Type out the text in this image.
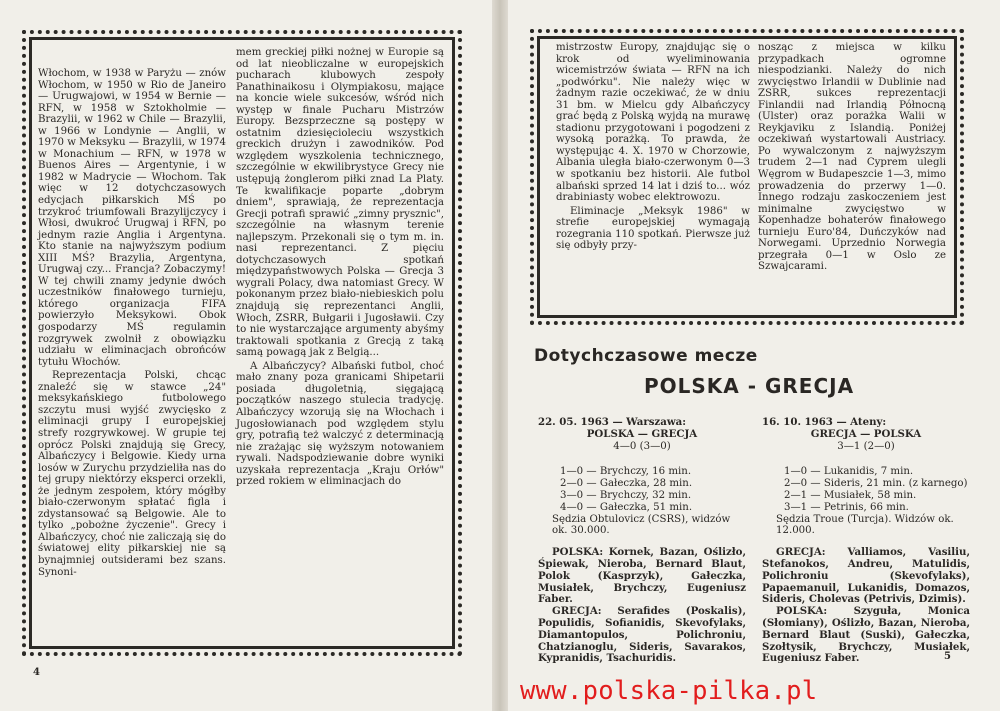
Włochom, w 1938 w Paryżu — znów Włochom, w 1950 w Rio de Janeiro — Urugwajowi, w 1954 w Bernie — RFN, w 1958 w Sztokholmie — Brazylii, w 1962 w Chile — Brazylii, w 1966 w Londynie — Anglii, w 1970 w Meksyku — Brazylii, w 1974 w Monachium — RFN, w 1978 w Buenos Aires — Argentynie, i w 1982 w Madrycie — Włochom. Tak więc w 12 dotychczasowych edycjach piłkarskich MŚ po trzykroć triumfowali Brazylijczycy i Włosi, dwukroć Urugwaj i RFN, po jednym razie Anglia i Argentyna. Kto stanie na najwyższym podium XIII MŚ? Brazylia, Argentyna, Urugwaj czy... Francja? Zobaczymy! W tej chwili znamy jedynie dwóch uczestników finałowego turnieju, którego organizacja FIFA powierzyło Meksykowi. Obok gospodarzy MŚ regulamin rozgrywek zwolnił z obowiązku udziału w eliminacjach obrońców tytułu Włochów.

Reprezentacja Polski, chcąc znaleźć się w stawce „24" meksykańskiego futbolowego szczytu musi wyjść zwycięsko z eliminacji grupy I europejskiej strefy rozgrywkowej. W grupie tej oprócz Polski znajdują się Grecy, Albańczycy i Belgowie. Kiedy urna losów w Zurychu przydzieliła nas do tej grupy niektórzy eksperci orzekli, że jednym zespołem, który mógłby biało-czerwonym spłatać figla i zdystansować są Belgowie. Ale to tylko „pobożne życzenie". Grecy i Albańczycy, choć nie zaliczają się do światowej elity piłkarskiej nie są bynajmniej outsiderami bez szans. Synoni-

mem greckiej piłki nożnej w Europie są od lat nieobliczalne w europejskich pucharach klubowych zespoły Panathinaikosu i Olympiakosu, mające na koncie wiele sukcesów, wśród nich występ w finale Pucharu Mistrzów Europy. Bezsprzeczne są postępy w ostatnim dziesięcioleciu wszystkich greckich drużyn i zawodników. Pod względem wyszkolenia technicznego, szczególnie w ekwilibrystyce Grecy nie ustępują żonglerom piłki znad La Platy. Te kwalifikacje poparte „dobrym dniem", sprawiają, że reprezentacja Grecji potrafi sprawić „zimny prysznic", szczególnie na własnym terenie najlepszym. Przekonali się o tym m. in. nasi reprezentanci. Z pięciu dotychczasowych spotkań międzypaństwowych Polska — Grecja 3 wygrali Polacy, dwa natomiast Grecy. W pokonanym przez biało-niebieskich polu znajdują się reprezentanci Anglii, Włoch, ZSRR, Bułgarii i Jugosławii. Czy to nie wystarczające argumenty abyśmy traktowali spotkania z Grecją z taką samą powagą jak z Belgią...

A Albańczycy? Albański futbol, choć mało znany poza granicami Shipetarii posiada długoletnią, sięgającą początków naszego stulecia tradycję. Albańczycy wzorują się na Włochach i Jugosłowianach pod względem stylu gry, potrafią też walczyć z determinacją nie zrażając się wyższym notowaniem rywali. Nadspodziewanie dobre wyniki uzyskała reprezentacja „Kraju Orłów" przed rokiem w eliminacjach do

4

mistrzostw Europy, znajdując się o krok od wyeliminowania wicemistrzów świata — RFN na ich „podwórku". Nie należy więc w żadnym razie oczekiwać, że w dniu 31 bm. w Mielcu gdy Albańczycy grać będą z Polską wyjdą na murawę stadionu przygotowani i pogodzeni z wysoką porażką. To prawda, że występując 4. X. 1970 w Chorzowie, Albania uległa biało-czerwonym 0—3 w spotkaniu bez historii. Ale futbol albański sprzed 14 lat i dziś to... wóz drabiniasty wobec elektrowozu.

Eliminacje „Meksyk 1986" w strefie europejskiej wymagają rozegrania 110 spotkań. Pierwsze już się odbyły przy-

nosząc z miejsca w kilku przypadkach ogromne niespodzianki. Należy do nich zwycięstwo Irlandii w Dublinie nad ZSRR, sukces reprezentacji Finlandii nad Irlandią Północną (Ulster) oraz porażka Walii w Reykjaviku z Islandią. Poniżej oczekiwań wystartowali Austriacy. Po wywalczonym z najwyższym trudem 2—1 nad Cyprem ulegli Węgrom w Budapeszcie 1—3, mimo prowadzenia do przerwy 1—0. Innego rodzaju zaskoczeniem jest minimalne zwycięstwo w Kopenhadze bohaterów finałowego turnieju Euro'84, Duńczyków nad Norwegami. Uprzednio Norwegia przegrała 0—1 w Oslo ze Szwajcarami.

Dotychczasowe mecze
POLSKA - GRECJA
22. 05. 1963 — Warszawa:
POLSKA — GRECJA
4—0 (3—0)
1—0 — Brychczy, 16 min.
2—0 — Gałeczka, 28 min.
3—0 — Brychczy, 32 min.
4—0 — Gałeczka, 51 min.
Sędzia Obtulovicz (CSRS), widzów ok. 30.000.

POLSKA: Kornek, Bazan, Oślizło, Śpiewak, Nieroba, Bernard Blaut, Polok (Kasprzyk), Gałeczka, Musiałek, Brychczy, Eugeniusz Faber.

GRECJA: Serafides (Poskalis), Populidis, Sofianidis, Skevofylaks, Diamantopulos, Polichroniu, Chatzianoglu, Sideris, Savarakos, Kypranidis, Tsachuridis.

16. 10. 1963 — Ateny:
GRECJA — POLSKA
3—1 (2—0)
1—0 — Lukanidis, 7 min.
2—0 — Sideris, 21 min. (z karnego)
2—1 — Musiałek, 58 min.
3—1 — Petrinis, 66 min.
Sędzia Troue (Turcja). Widzów ok. 12.000.

GRECJA: Valliamos, Vasiliu, Stefanokos, Andreu, Matulidis, Polichroniu (Skevofylaks), Papaemanuil, Lukanidis, Domazos, Sideris, Cholevas (Petrivis, Dzimis).

POLSKA: Szyguła, Monica (Słomiany), Oślizło, Bazan, Nieroba, Bernard Blaut (Suski), Gałeczka, Szołtysik, Brychczy, Musiałek, Eugeniusz Faber.	5
www.polska-pilka.pl
